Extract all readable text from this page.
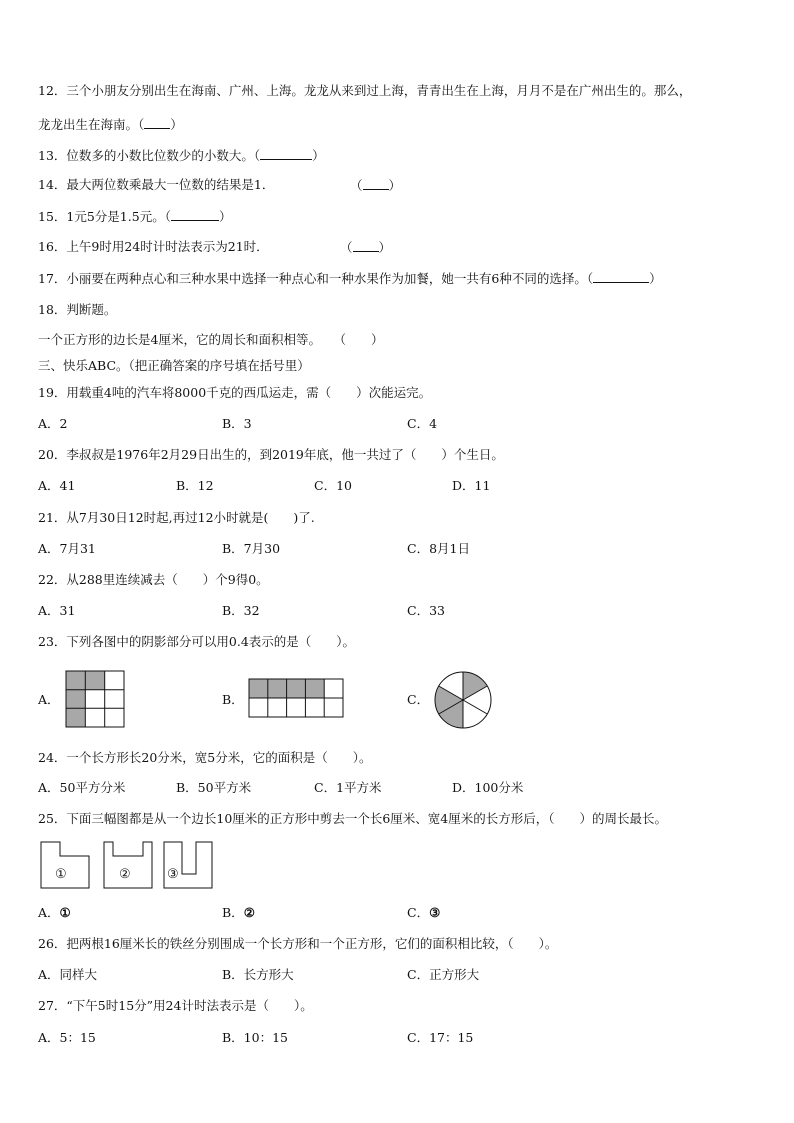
12．三个小朋友分别出生在海南、广州、上海。龙龙从来到过上海，青青出生在上海，月月不是在广州出生的。那么，
龙龙出生在海南。（ ）
13．位数多的小数比位数少的小数大。（	）
14．最大两位数乘最大一位数的结果是1．	（ ）
15．1元5分是1.5元。（	）
16．上午9时用24时计时法表示为21时．	（ ）
17．小丽要在两种点心和三种水果中选择一种点心和一种水果作为加餐，她一共有6种不同的选择。（	）
18．判断题。
一个正方形的边长是4厘米，它的周长和面积相等。　　（　　）
三、快乐ABC。（把正确答案的序号填在括号里）
19．用载重4吨的汽车将8000千克的西瓜运走，需（　　）次能运完。
A．2	B．3	C．4
20．李叔叔是1976年2月29日出生的，到2019年底，他一共过了（　　）个生日。
A．41	B．12	C．10	D．11
21．从7月30日12时起,再过12小时就是(　　)了.
A．7月31	B．7月30	C．8月1日
22．从288里连续减去（　　）个9得0。
A．31	B．32	C．33
23．下列各图中的阴影部分可以用0.4表示的是（　　）。
A．	B．	C．
24．一个长方形长20分米，宽5分米，它的面积是（　　）。
A．50平方分米	B．50平方米	C．1平方米	D．100分米
25．下面三幅图都是从一个边长10厘米的正方形中剪去一个长6厘米、宽4厘米的长方形后，（　　）的周长最长。
①	②	③
A．①	B．②	C．③
26．把两根16厘米长的铁丝分别围成一个长方形和一个正方形，它们的面积相比较，（　　）。
A．同样大	B．长方形大	C．正方形大
27．“下午5时15分”用24计时法表示是（　　）。
A．5：15	B．10：15	C．17：15
